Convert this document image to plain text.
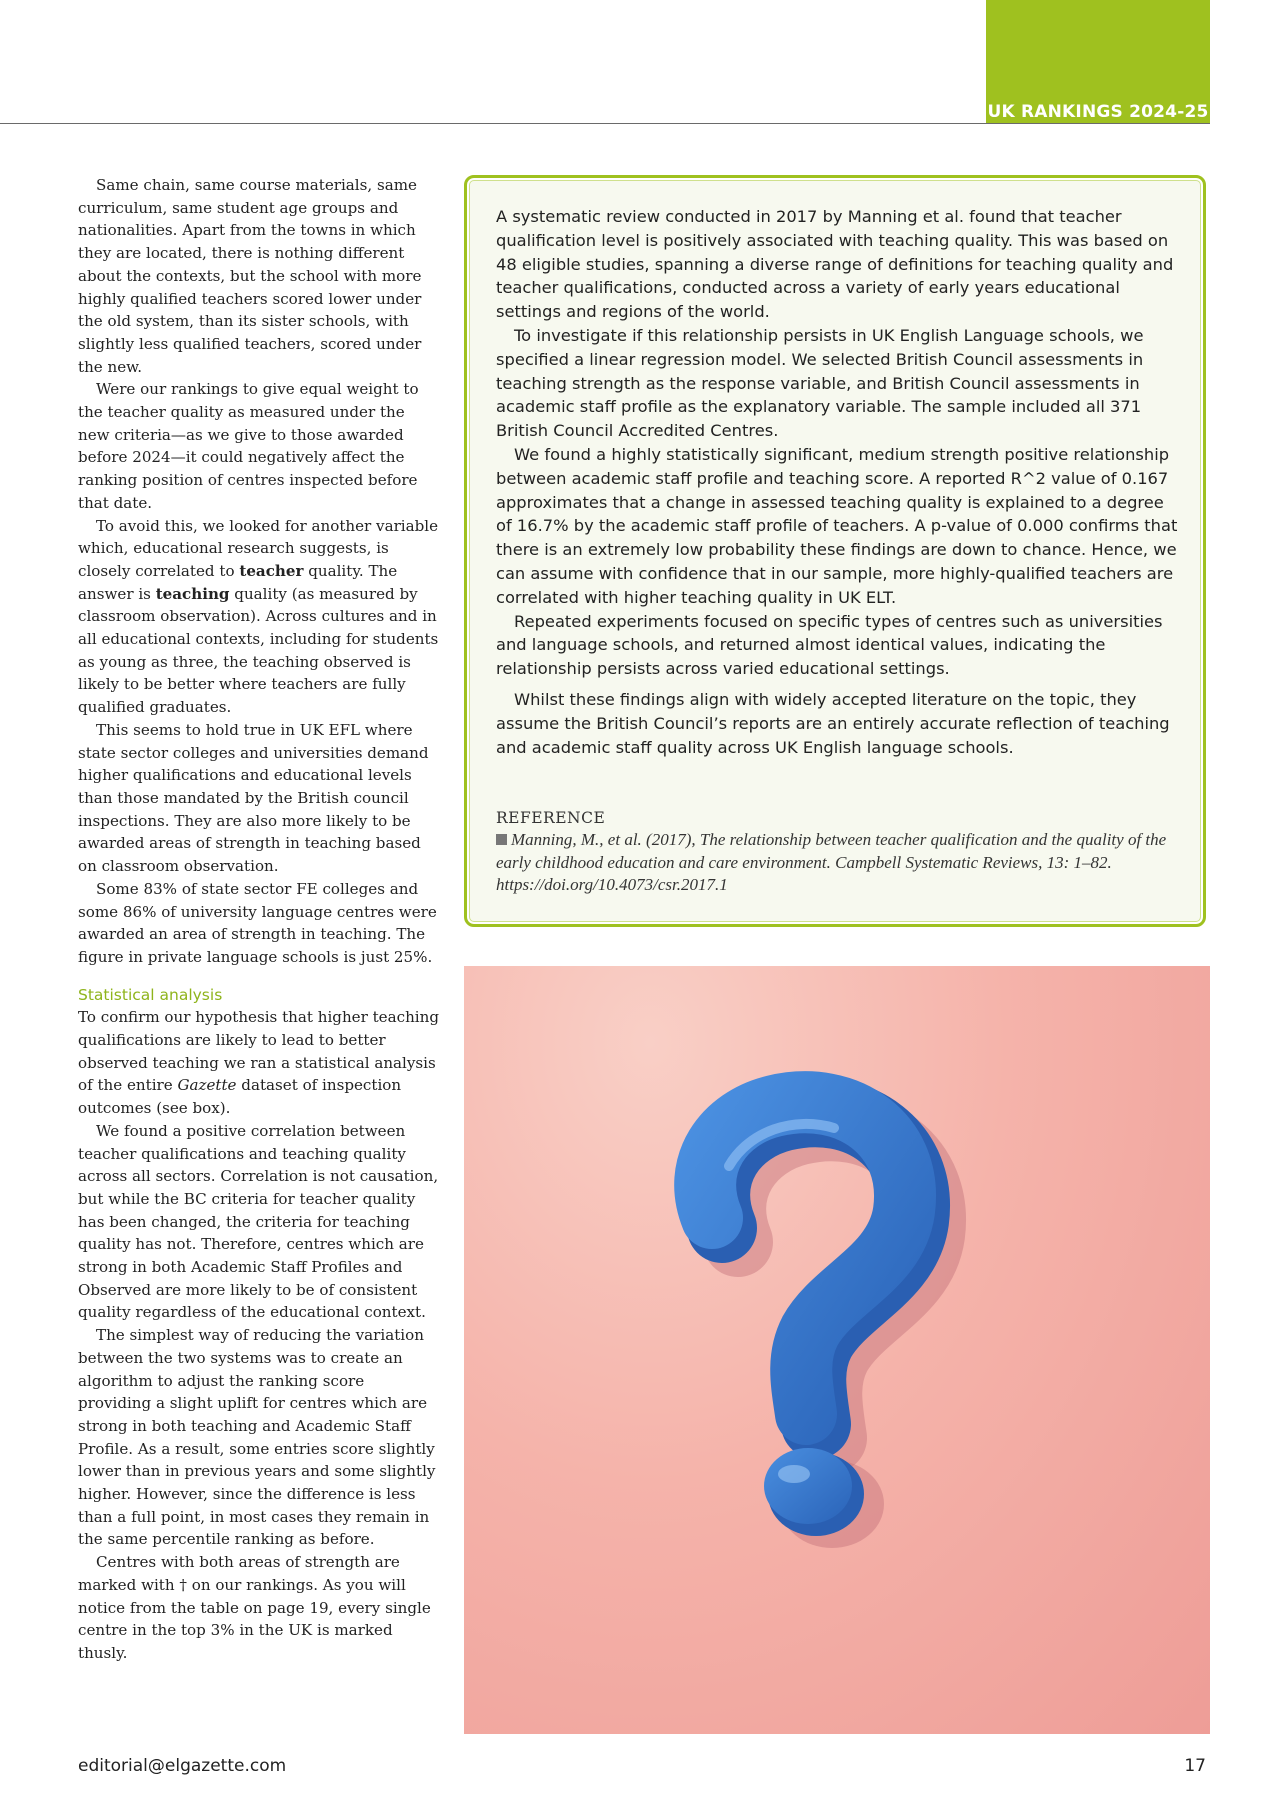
UK RANKINGS 2024-25

Same chain, same course materials, same curriculum, same student age groups and nationalities. Apart from the towns in which they are located, there is nothing different about the contexts, but the school with more highly qualified teachers scored lower under the old system, than its sister schools, with slightly less qualified teachers, scored under the new.

Were our rankings to give equal weight to the teacher quality as measured under the new criteria—as we give to those awarded before 2024—it could negatively affect the ranking position of centres inspected before that date.

To avoid this, we looked for another variable which, educational research suggests, is closely correlated to teacher quality. The answer is teaching quality (as measured by classroom observation). Across cultures and in all educational contexts, including for students as young as three, the teaching observed is likely to be better where teachers are fully qualified graduates.

This seems to hold true in UK EFL where state sector colleges and universities demand higher qualifications and educational levels than those mandated by the British council inspections. They are also more likely to be awarded areas of strength in teaching based on classroom observation.

Some 83% of state sector FE colleges and some 86% of university language centres were awarded an area of strength in teaching. The figure in private language schools is just 25%.

Statistical analysis

To confirm our hypothesis that higher teaching qualifications are likely to lead to better observed teaching we ran a statistical analysis of the entire Gazette dataset of inspection outcomes (see box).

We found a positive correlation between teacher qualifications and teaching quality across all sectors. Correlation is not causation, but while the BC criteria for teacher quality has been changed, the criteria for teaching quality has not. Therefore, centres which are strong in both Academic Staff Profiles and Observed are more likely to be of consistent quality regardless of the educational context.

The simplest way of reducing the variation between the two systems was to create an algorithm to adjust the ranking score providing a slight uplift for centres which are strong in both teaching and Academic Staff Profile. As a result, some entries score slightly lower than in previous years and some slightly higher. However, since the difference is less than a full point, in most cases they remain in the same percentile ranking as before.

Centres with both areas of strength are marked with † on our rankings. As you will notice from the table on page 19, every single centre in the top 3% in the UK is marked thusly.

A systematic review conducted in 2017 by Manning et al. found that teacher qualification level is positively associated with teaching quality. This was based on 48 eligible studies, spanning a diverse range of definitions for teaching quality and teacher qualifications, conducted across a variety of early years educational settings and regions of the world.

To investigate if this relationship persists in UK English Language schools, we specified a linear regression model. We selected British Council assessments in teaching strength as the response variable, and British Council assessments in academic staff profile as the explanatory variable. The sample included all 371 British Council Accredited Centres.

We found a highly statistically significant, medium strength positive relationship between academic staff profile and teaching score. A reported R^2 value of 0.167 approximates that a change in assessed teaching quality is explained to a degree of 16.7% by the academic staff profile of teachers. A p-value of 0.000 confirms that there is an extremely low probability these findings are down to chance. Hence, we can assume with confidence that in our sample, more highly-qualified teachers are correlated with higher teaching quality in UK ELT.

Repeated experiments focused on specific types of centres such as universities and language schools, and returned almost identical values, indicating the relationship persists across varied educational settings.

Whilst these findings align with widely accepted literature on the topic, they assume the British Council’s reports are an entirely accurate reflection of teaching and academic staff quality across UK English language schools.

REFERENCE
Manning, M., et al. (2017), The relationship between teacher qualification and the quality of the early childhood education and care environment. Campbell Systematic Reviews, 13: 1–82. https://doi.org/10.4073/csr.2017.1
editorial@elgazette.com	17
